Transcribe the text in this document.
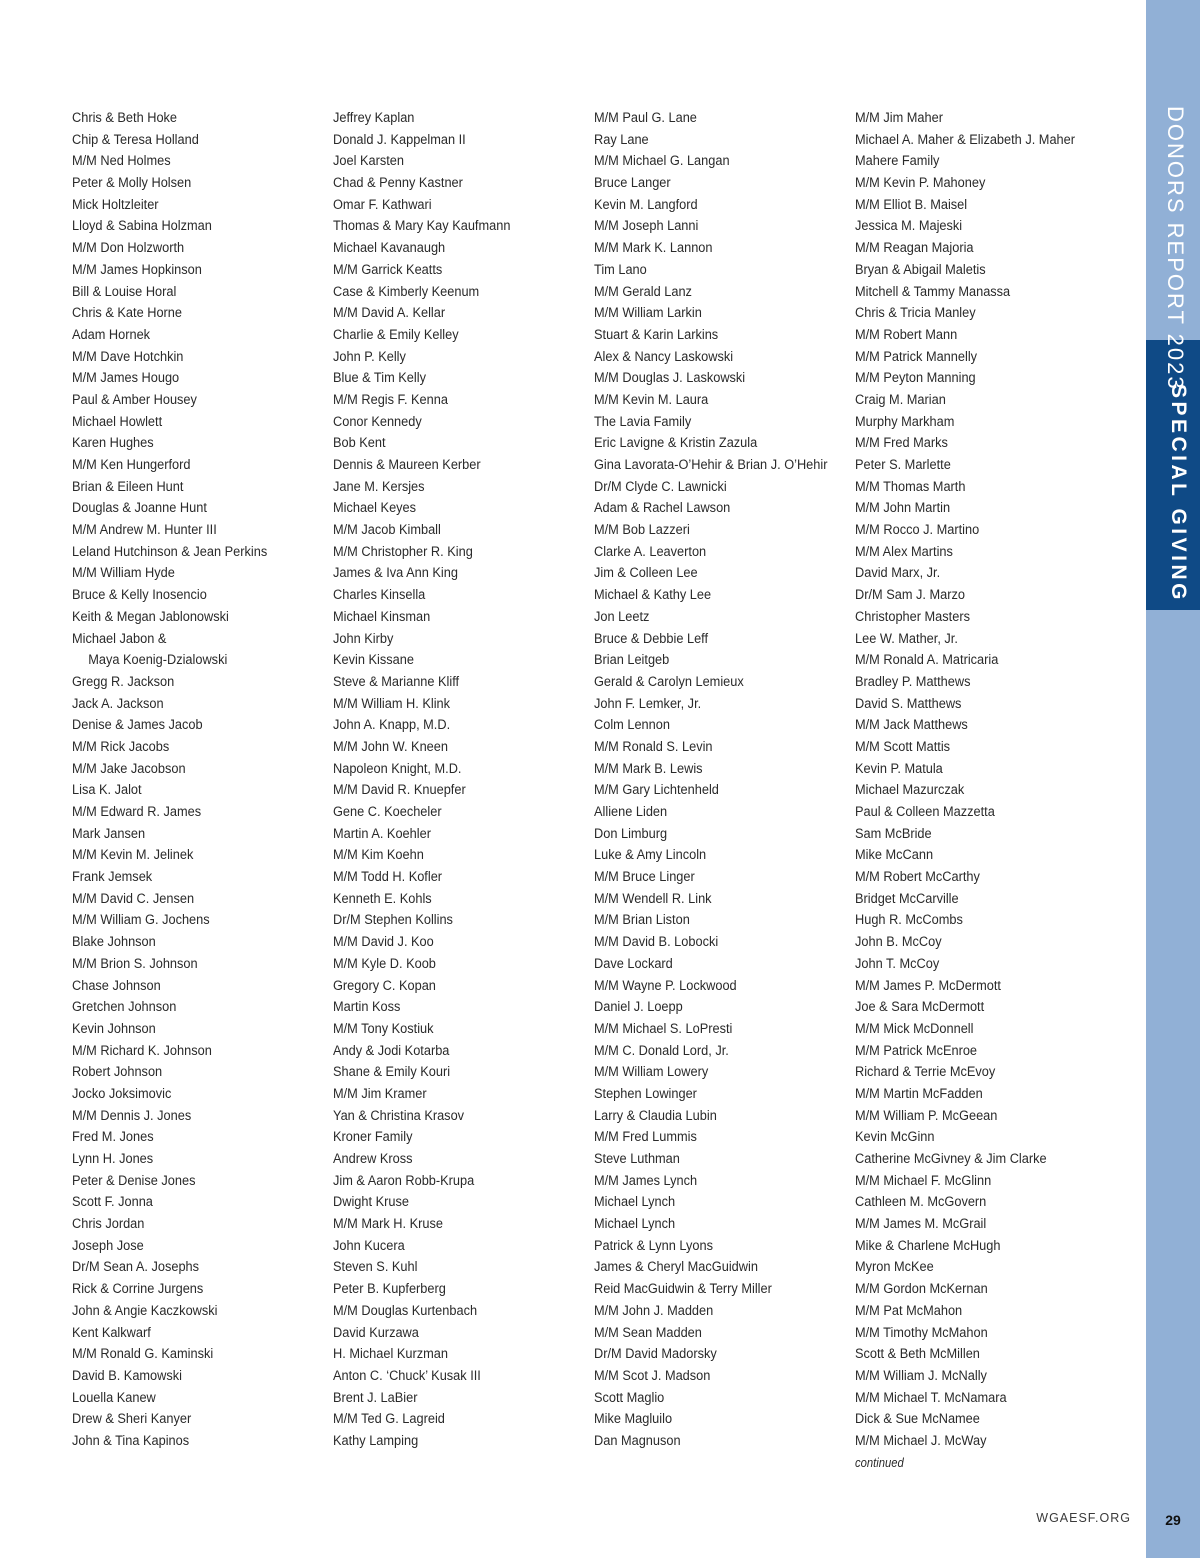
DONORS REPORT 2023
SPECIAL GIVING
Chris & Beth Hoke
Chip & Teresa Holland
M/M Ned Holmes
Peter & Molly Holsen
Mick Holtzleiter
Lloyd & Sabina Holzman
M/M Don Holzworth
M/M James Hopkinson
Bill & Louise Horal
Chris & Kate Horne
Adam Hornek
M/M Dave Hotchkin
M/M James Hougo
Paul & Amber Housey
Michael Howlett
Karen Hughes
M/M Ken Hungerford
Brian & Eileen Hunt
Douglas & Joanne Hunt
M/M Andrew M. Hunter III
Leland Hutchinson & Jean Perkins
M/M William Hyde
Bruce & Kelly Inosencio
Keith & Megan Jablonowski
Michael Jabon &
Maya Koenig-Dzialowski
Gregg R. Jackson
Jack A. Jackson
Denise & James Jacob
M/M Rick Jacobs
M/M Jake Jacobson
Lisa K. Jalot
M/M Edward R. James
Mark Jansen
M/M Kevin M. Jelinek
Frank Jemsek
M/M David C. Jensen
M/M William G. Jochens
Blake Johnson
M/M Brion S. Johnson
Chase Johnson
Gretchen Johnson
Kevin Johnson
M/M Richard K. Johnson
Robert Johnson
Jocko Joksimovic
M/M Dennis J. Jones
Fred M. Jones
Lynn H. Jones
Peter & Denise Jones
Scott F. Jonna
Chris Jordan
Joseph Jose
Dr/M Sean A. Josephs
Rick & Corrine Jurgens
John & Angie Kaczkowski
Kent Kalkwarf
M/M Ronald G. Kaminski
David B. Kamowski
Louella Kanew
Drew & Sheri Kanyer
John & Tina Kapinos
Jeffrey Kaplan
Donald J. Kappelman II
Joel Karsten
Chad & Penny Kastner
Omar F. Kathwari
Thomas & Mary Kay Kaufmann
Michael Kavanaugh
M/M Garrick Keatts
Case & Kimberly Keenum
M/M David A. Kellar
Charlie & Emily Kelley
John P. Kelly
Blue & Tim Kelly
M/M Regis F. Kenna
Conor Kennedy
Bob Kent
Dennis & Maureen Kerber
Jane M. Kersjes
Michael Keyes
M/M Jacob Kimball
M/M Christopher R. King
James & Iva Ann King
Charles Kinsella
Michael Kinsman
John Kirby
Kevin Kissane
Steve & Marianne Kliff
M/M William H. Klink
John A. Knapp, M.D.
M/M John W. Kneen
Napoleon Knight, M.D.
M/M David R. Knuepfer
Gene C. Koecheler
Martin A. Koehler
M/M Kim Koehn
M/M Todd H. Kofler
Kenneth E. Kohls
Dr/M Stephen Kollins
M/M David J. Koo
M/M Kyle D. Koob
Gregory C. Kopan
Martin Koss
M/M Tony Kostiuk
Andy & Jodi Kotarba
Shane & Emily Kouri
M/M Jim Kramer
Yan & Christina Krasov
Kroner Family
Andrew Kross
Jim & Aaron Robb-Krupa
Dwight Kruse
M/M Mark H. Kruse
John Kucera
Steven S. Kuhl
Peter B. Kupferberg
M/M Douglas Kurtenbach
David Kurzawa
H. Michael Kurzman
Anton C. ‘Chuck’ Kusak III
Brent J. LaBier
M/M Ted G. Lagreid
Kathy Lamping
M/M Paul G. Lane
Ray Lane
M/M Michael G. Langan
Bruce Langer
Kevin M. Langford
M/M Joseph Lanni
M/M Mark K. Lannon
Tim Lano
M/M Gerald Lanz
M/M William Larkin
Stuart & Karin Larkins
Alex & Nancy Laskowski
M/M Douglas J. Laskowski
M/M Kevin M. Laura
The Lavia Family
Eric Lavigne & Kristin Zazula
Gina Lavorata-O’Hehir & Brian J. O’Hehir
Dr/M Clyde C. Lawnicki
Adam & Rachel Lawson
M/M Bob Lazzeri
Clarke A. Leaverton
Jim & Colleen Lee
Michael & Kathy Lee
Jon Leetz
Bruce & Debbie Leff
Brian Leitgeb
Gerald & Carolyn Lemieux
John F. Lemker, Jr.
Colm Lennon
M/M Ronald S. Levin
M/M Mark B. Lewis
M/M Gary Lichtenheld
Alliene Liden
Don Limburg
Luke & Amy Lincoln
M/M Bruce Linger
M/M Wendell R. Link
M/M Brian Liston
M/M David B. Lobocki
Dave Lockard
M/M Wayne P. Lockwood
Daniel J. Loepp
M/M Michael S. LoPresti
M/M C. Donald Lord, Jr.
M/M William Lowery
Stephen Lowinger
Larry & Claudia Lubin
M/M Fred Lummis
Steve Luthman
M/M James Lynch
Michael Lynch
Michael Lynch
Patrick & Lynn Lyons
James & Cheryl MacGuidwin
Reid MacGuidwin & Terry Miller
M/M John J. Madden
M/M Sean Madden
Dr/M David Madorsky
M/M Scot J. Madson
Scott Maglio
Mike Magluilo
Dan Magnuson
M/M Jim Maher
Michael A. Maher & Elizabeth J. Maher
Mahere Family
M/M Kevin P. Mahoney
M/M Elliot B. Maisel
Jessica M. Majeski
M/M Reagan Majoria
Bryan & Abigail Maletis
Mitchell & Tammy Manassa
Chris & Tricia Manley
M/M Robert Mann
M/M Patrick Mannelly
M/M Peyton Manning
Craig M. Marian
Murphy Markham
M/M Fred Marks
Peter S. Marlette
M/M Thomas Marth
M/M John Martin
M/M Rocco J. Martino
M/M Alex Martins
David Marx, Jr.
Dr/M Sam J. Marzo
Christopher Masters
Lee W. Mather, Jr.
M/M Ronald A. Matricaria
Bradley P. Matthews
David S. Matthews
M/M Jack Matthews
M/M Scott Mattis
Kevin P. Matula
Michael Mazurczak
Paul & Colleen Mazzetta
Sam McBride
Mike McCann
M/M Robert McCarthy
Bridget McCarville
Hugh R. McCombs
John B. McCoy
John T. McCoy
M/M James P. McDermott
Joe & Sara McDermott
M/M Mick McDonnell
M/M Patrick McEnroe
Richard & Terrie McEvoy
M/M Martin McFadden
M/M William P. McGeean
Kevin McGinn
Catherine McGivney & Jim Clarke
M/M Michael F. McGlinn
Cathleen M. McGovern
M/M James M. McGrail
Mike & Charlene McHugh
Myron McKee
M/M Gordon McKernan
M/M Pat McMahon
M/M Timothy McMahon
Scott & Beth McMillen
M/M William J. McNally
M/M Michael T. McNamara
Dick & Sue McNamee
M/M Michael J. McWay
continued
WGAESF.ORG	29
